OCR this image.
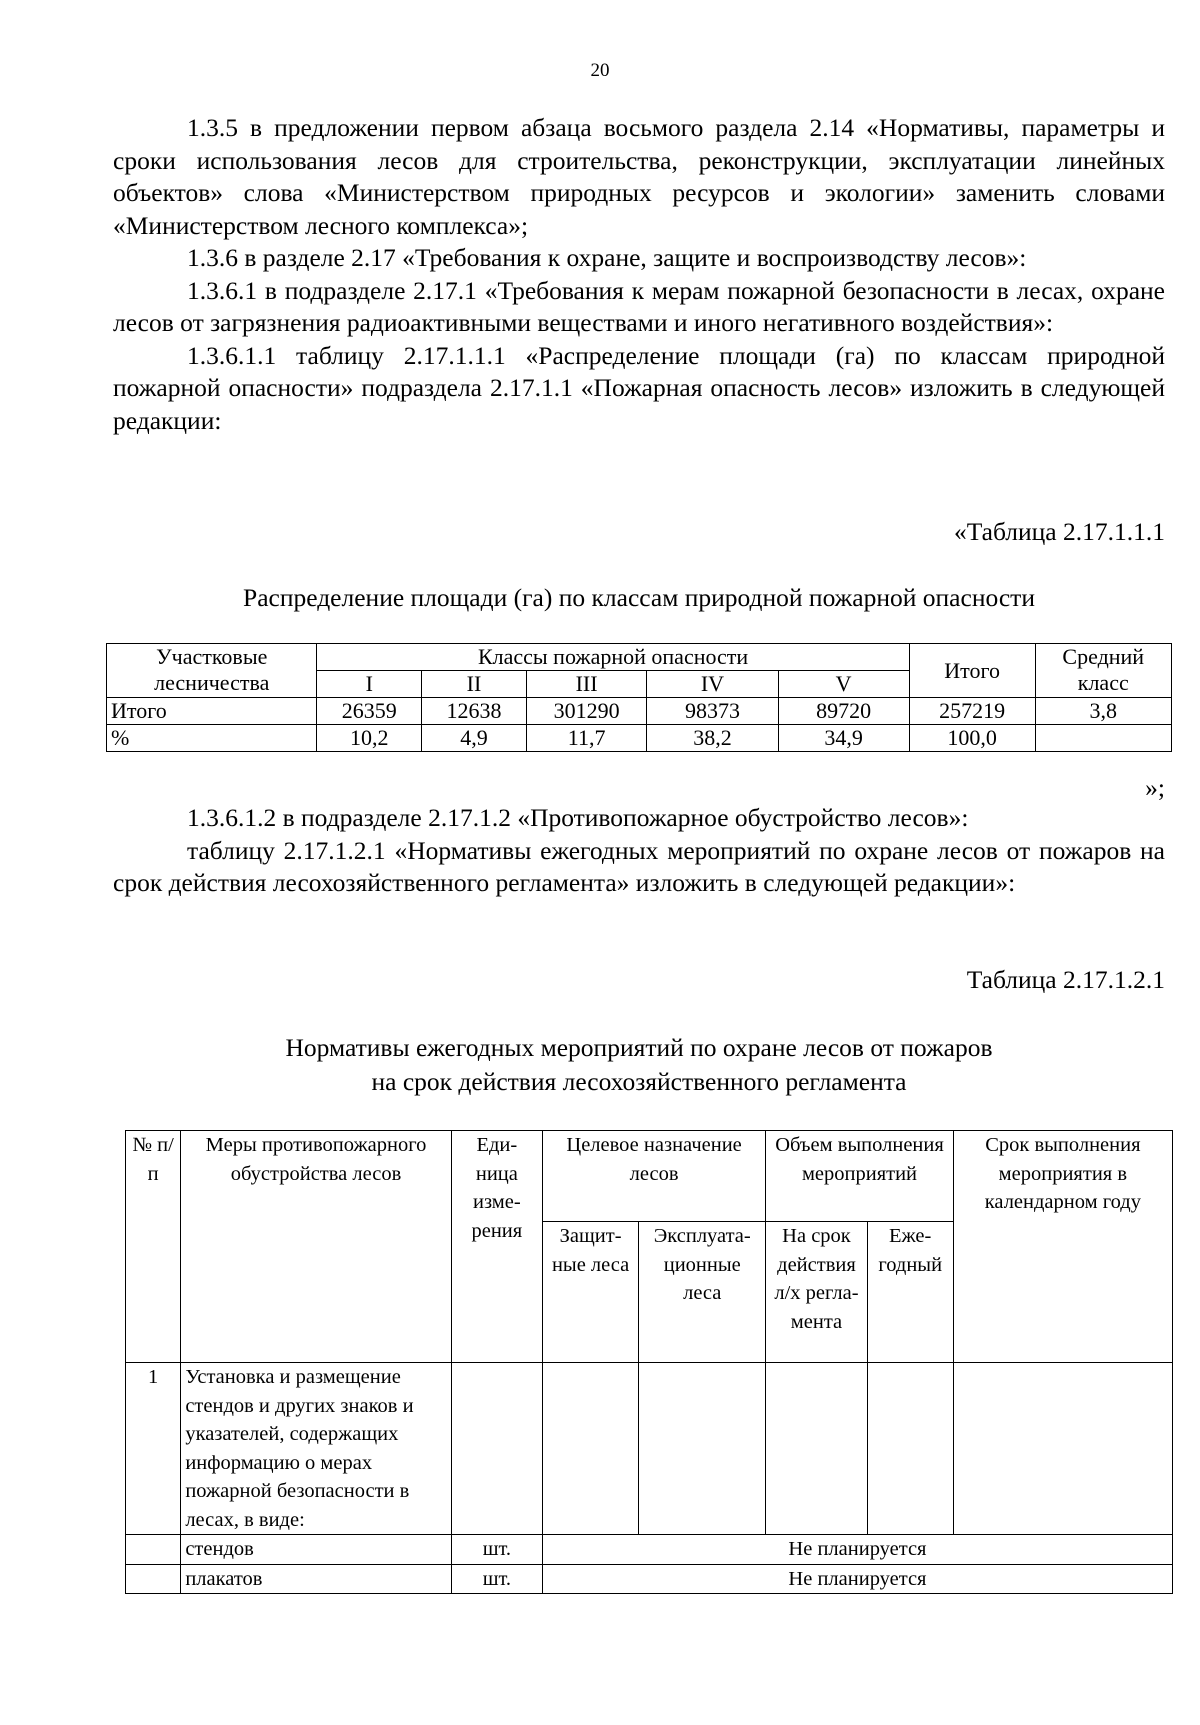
20

1.3.5 в предложении первом абзаца восьмого раздела 2.14 «Нормативы, параметры и сроки использования лесов для строительства, реконструкции, эксплуатации линейных объектов» слова «Министерством природных ресурсов и экологии» заменить словами «Министерством лесного комплекса»;

1.3.6 в разделе 2.17 «Требования к охране, защите и воспроизводству лесов»:

1.3.6.1 в подразделе 2.17.1 «Требования к мерам пожарной безопасности в лесах, охране лесов от загрязнения радиоактивными веществами и иного негативного воздействия»:

1.3.6.1.1 таблицу 2.17.1.1.1 «Распределение площади (га) по классам природной пожарной опасности» подраздела 2.17.1.1 «Пожарная опасность лесов» изложить в следующей редакции:

«Таблица 2.17.1.1.1
Распределение площади (га) по классам природной пожарной опасности
Участковые лесничества	Классы пожарной опасности					Итого	Средний класс
	I	II	III	IV	V		
Итого	26359	12638	301290	98373	89720	257219	3,8
%	10,2	4,9	11,7	38,2	34,9	100,0	
»;

1.3.6.1.2 в подразделе 2.17.1.2 «Противопожарное обустройство лесов»:

таблицу 2.17.1.2.1 «Нормативы ежегодных мероприятий по охране лесов от пожаров на срок действия лесохозяйственного регламента» изложить в следующей редакции»:

Таблица 2.17.1.2.1
Нормативы ежегодных мероприятий по охране лесов от пожаров
на срок действия лесохозяйственного регламента
№ п/п	Меры противопожарного обустройства лесов	Еди-ница изме-рения	Целевое назначение лесов		Объем выполнения мероприятий		Срок выполнения мероприятия в календарном году
			Защит-ные леса	Эксплуата-ционные леса	На срок действия л/х регла-мента	Еже-годный	
1	Установка и размещение стендов и других знаков и указателей, содержащих информацию о мерах пожарной безопасности в лесах, в виде:						
	стендов	шт.	Не планируется				
	плакатов	шт.	Не планируется				
